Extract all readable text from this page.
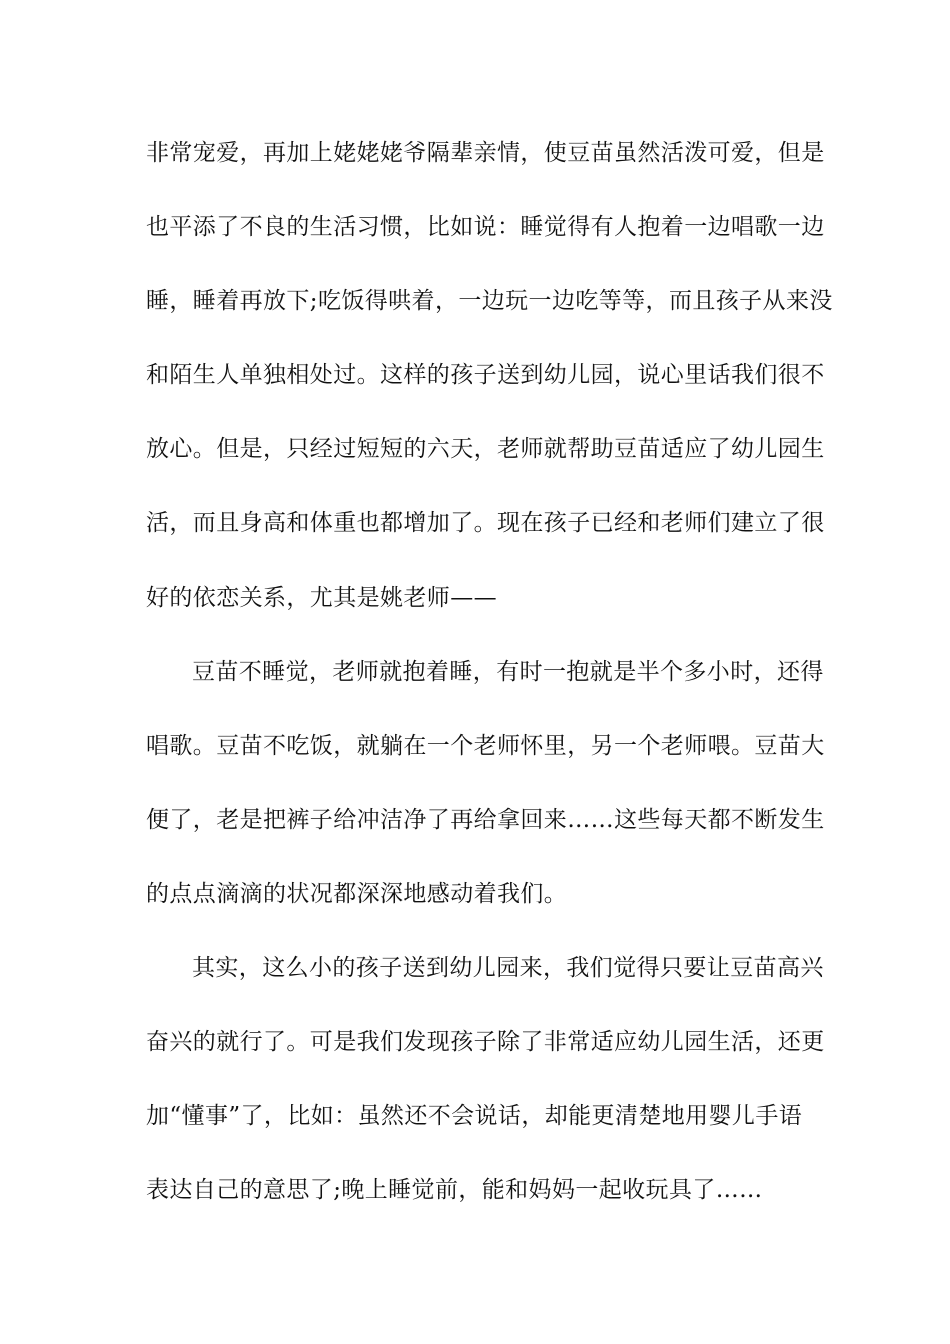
非常宠爱，再加上姥姥姥爷隔辈亲情，使豆苗虽然活泼可爱，但是
也平添了不良的生活习惯，比如说：睡觉得有人抱着一边唱歌一边
睡，睡着再放下;吃饭得哄着，一边玩一边吃等等，而且孩子从来没
和陌生人单独相处过。这样的孩子送到幼儿园，说心里话我们很不
放心。但是，只经过短短的六天，老师就帮助豆苗适应了幼儿园生
活，而且身高和体重也都增加了。现在孩子已经和老师们建立了很
好的依恋关系，尤其是姚老师——
豆苗不睡觉，老师就抱着睡，有时一抱就是半个多小时，还得
唱歌。豆苗不吃饭，就躺在一个老师怀里，另一个老师喂。豆苗大
便了，老是把裤子给冲洁净了再给拿回来……这些每天都不断发生
的点点滴滴的状况都深深地感动着我们。
其实，这么小的孩子送到幼儿园来，我们觉得只要让豆苗高兴
奋兴的就行了。可是我们发现孩子除了非常适应幼儿园生活，还更
加“懂事”了，比如：虽然还不会说话，却能更清楚地用婴儿手语
表达自己的意思了;晚上睡觉前，能和妈妈一起收玩具了……
